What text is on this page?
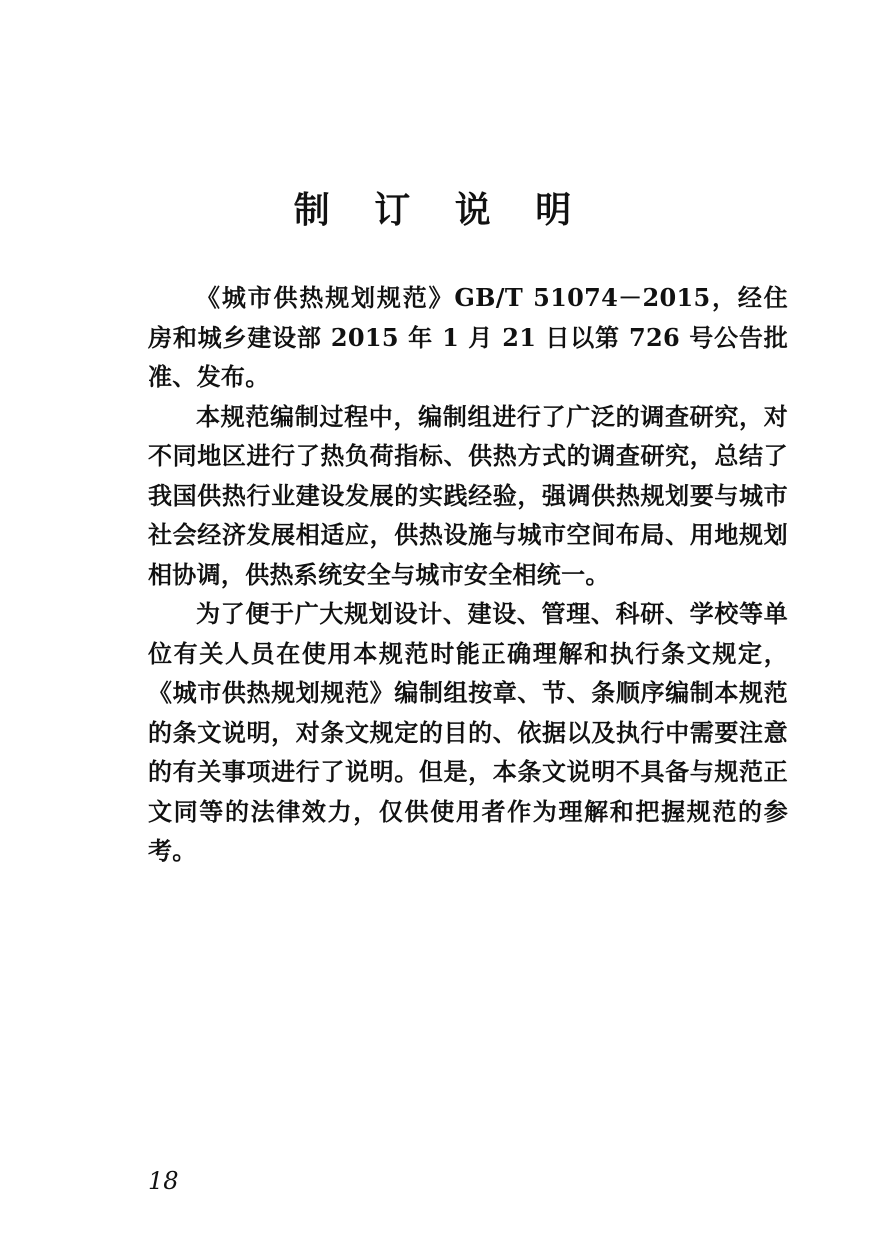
制 订 说 明

《城市供热规划规范》GB/T 51074－2015，经住房和城乡建设部 2015 年 1 月 21 日以第 726 号公告批准、发布。

本规范编制过程中，编制组进行了广泛的调查研究，对不同地区进行了热负荷指标、供热方式的调查研究，总结了我国供热行业建设发展的实践经验，强调供热规划要与城市社会经济发展相适应，供热设施与城市空间布局、用地规划相协调，供热系统安全与城市安全相统一。

为了便于广大规划设计、建设、管理、科研、学校等单位有关人员在使用本规范时能正确理解和执行条文规定，《城市供热规划规范》编制组按章、节、条顺序编制本规范的条文说明，对条文规定的目的、依据以及执行中需要注意的有关事项进行了说明。但是，本条文说明不具备与规范正文同等的法律效力，仅供使用者作为理解和把握规范的参考。

18
